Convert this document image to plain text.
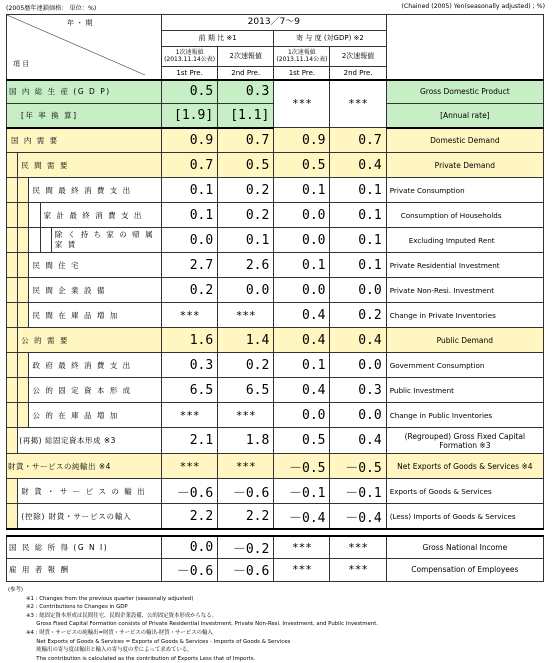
(2005暦年連鎖価格： 単位：%)	(Chained (2005) Yen(seasonally adjusted) ; %)
年 ・ 期
項 目					2013／7～9				
					前 期 比 ※1		寄 与 度 (対GDP) ※2		
					1次速報値 (2013.11.14公表)	2次速報値	1次速報値 (2013.11.14公表)	2次速報値	
					1st Pre.	2nd Pre.	1st Pre.	2nd Pre.	
国 内 総 生 産 (G D P)					0.5	0.3	***	***	Gross Domestic Product
[年 率 換 算]					[1.9]	[1.1]			[Annual rate]
国 内 需 要					0.9	0.7	0.9	0.7	Domestic Demand
	民 間 需 要				0.7	0.5	0.5	0.4	Private Demand
		民 間 最 終 消 費 支 出			0.1	0.2	0.1	0.1	Private Consumption
			家 計 最 終 消 費 支 出		0.1	0.2	0.0	0.1	Consumption of Households
				除 く 持 ち 家 の 帰 属 家 賃	0.0	0.1	0.0	0.1	Excluding Imputed Rent
		民 間 住 宅			2.7	2.6	0.1	0.1	Private Residential Investment
		民 間 企 業 設 備			0.2	0.0	0.0	0.0	Private Non-Resi. Investment
		民 間 在 庫 品 増 加			***	***	0.4	0.2	Change in Private Inventories
	公 的 需 要				1.6	1.4	0.4	0.4	Public Demand
		政 府 最 終 消 費 支 出			0.3	0.2	0.1	0.0	Government Consumption
		公 的 固 定 資 本 形 成			6.5	6.5	0.4	0.3	Public Investment
		公 的 在 庫 品 増 加			***	***	0.0	0.0	Change in Public Inventories
	(再掲) 総固定資本形成 ※3				2.1	1.8	0.5	0.4	(Regrouped) Gross Fixed Capital Formation ※3
財貨・サービスの純輸出 ※4					***	***	－0.5	－0.5	Net Exports of Goods & Services ※4
	財 貨 ・ サ ー ビ ス の 輸 出				－0.6	－0.6	－0.1	－0.1	Exports of Goods & Services
	(控除) 財貨・サービスの輸入				2.2	2.2	－0.4	－0.4	(Less) Imports of Goods & Services

国 民 総 所 得 (G N I)					0.0	－0.2	***	***	Gross National Income
雇 用 者 報 酬					－0.6	－0.6	***	***	Compensation of Employees
(参考)
※1 : Changes from the previous quarter (seasonally adjusted)
※2 : Contributions to Changes in GDP
※3 : 総固定資本形成は民間住宅、民間企業設備、公的固定資本形成からなる。
Gross Fixed Capital Formation consists of Private Residential Investment, Private Non-Resi. Investment, and Public Investment.
※4 : 財貨・サービスの純輸出=財貨・サービスの輸出-財貨・サービスの輸入
Net Exports of Goods & Services = Exports of Goods & Services - Imports of Goods & Services
純輸出の寄与度は輸出と輸入の寄与度の差によって求めている。
The contribution is calculated as the contribution of Exports Less that of Imports.
